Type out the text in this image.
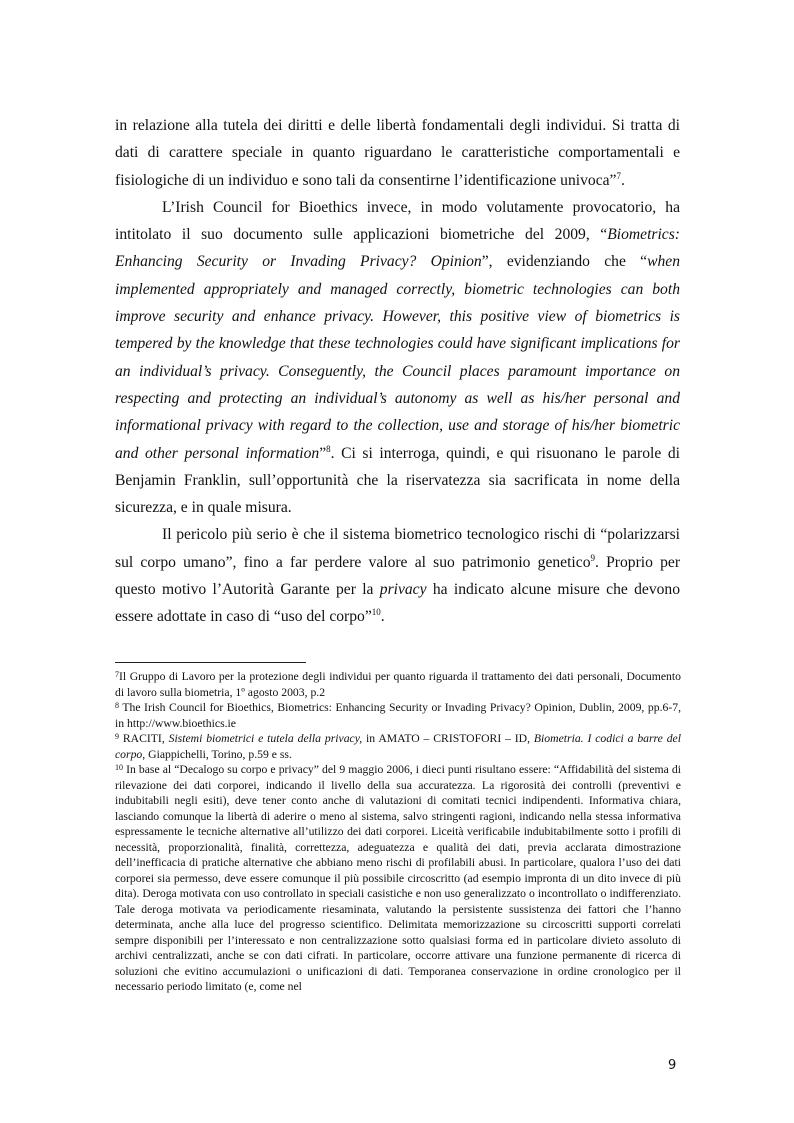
in relazione alla tutela dei diritti e delle libertà fondamentali degli individui. Si tratta di dati di carattere speciale in quanto riguardano le caratteristiche comportamentali e fisiologiche di un individuo e sono tali da consentirne l’identificazione univoca”$^7$.

L’Irish Council for Bioethics invece, in modo volutamente provocatorio, ha intitolato il suo documento sulle applicazioni biometriche del 2009, “Biometrics: Enhancing Security or Invading Privacy? Opinion”, evidenziando che “when implemented appropriately and managed correctly, biometric technologies can both improve security and enhance privacy. However, this positive view of biometrics is tempered by the knowledge that these technologies could have significant implications for an individual’s privacy. Conseguently, the Council places paramount importance on respecting and protecting an individual’s autonomy as well as his/her personal and informational privacy with regard to the collection, use and storage of his/her biometric and other personal information”$^8$. Ci si interroga, quindi, e qui risuonano le parole di Benjamin Franklin, sull’opportunità che la riservatezza sia sacrificata in nome della sicurezza, e in quale misura.

Il pericolo più serio è che il sistema biometrico tecnologico rischi di “polarizzarsi sul corpo umano”, fino a far perdere valore al suo patrimonio genetico$^9$. Proprio per questo motivo l’Autorità Garante per la privacy ha indicato alcune misure che devono essere adottate in caso di “uso del corpo”$^{10}$.

$^7$Il Gruppo di Lavoro per la protezione degli individui per quanto riguarda il trattamento dei dati personali, Documento di lavoro sulla biometria, 1º agosto 2003, p.2

$^8$ The Irish Council for Bioethics, Biometrics: Enhancing Security or Invading Privacy? Opinion, Dublin, 2009, pp.6-7, in http://www.bioethics.ie

$^9$ RACITI, Sistemi biometrici e tutela della privacy, in AMATO – CRISTOFORI – ID, Biometria. I codici a barre del corpo, Giappichelli, Torino, p.59 e ss.

$^{10}$ In base al “Decalogo su corpo e privacy” del 9 maggio 2006, i dieci punti risultano essere: “Affidabilità del sistema di rilevazione dei dati corporei, indicando il livello della sua accuratezza. La rigorosità dei controlli (preventivi e indubitabili negli esiti), deve tener conto anche di valutazioni di comitati tecnici indipendenti. Informativa chiara, lasciando comunque la libertà di aderire o meno al sistema, salvo stringenti ragioni, indicando nella stessa informativa espressamente le tecniche alternative all’utilizzo dei dati corporei. Liceità verificabile indubitabilmente sotto i profili di necessità, proporzionalità, finalità, correttezza, adeguatezza e qualità dei dati, previa acclarata dimostrazione dell’inefficacia di pratiche alternative che abbiano meno rischi di profilabili abusi. In particolare, qualora l’uso dei dati corporei sia permesso, deve essere comunque il più possibile circoscritto (ad esempio impronta di un dito invece di più dita). Deroga motivata con uso controllato in speciali casistiche e non uso generalizzato o incontrollato o indifferenziato. Tale deroga motivata va periodicamente riesaminata, valutando la persistente sussistenza dei fattori che l’hanno determinata, anche alla luce del progresso scientifico. Delimitata memorizzazione su circoscritti supporti correlati sempre disponibili per l’interessato e non centralizzazione sotto qualsiasi forma ed in particolare divieto assoluto di archivi centralizzati, anche se con dati cifrati. In particolare, occorre attivare una funzione permanente di ricerca di soluzioni che evitino accumulazioni o unificazioni di dati. Temporanea conservazione in ordine cronologico per il necessario periodo limitato (e, come nel

9
